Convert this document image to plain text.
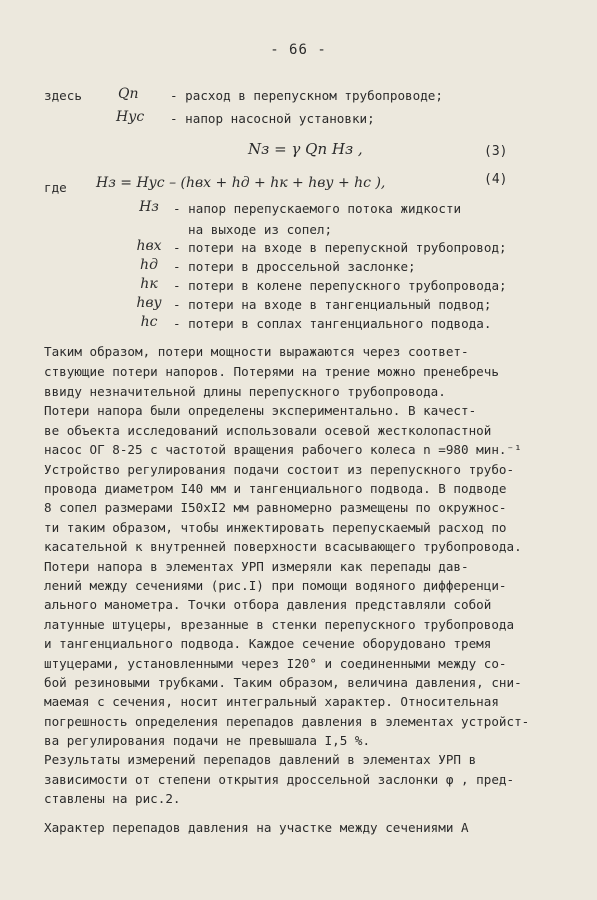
- 66 -
здесь	Qп	- расход в перепускном трубопроводе;
Нус - напор насосной установки;
Nз = γ Qп Hз ,	(3)
где Hз = Hус – (hвх + hд + hк + hву + hс ),	(4)
Hз	- напор перепускаемого потока жидкости
на выходе из сопел;
hвх - потери на входе в перепускной трубопровод;
hд	- потери в дроссельной заслонке;
hк	- потери в колене перепускного трубопровода;
hву - потери на входе в тангенциальный подвод;
hс	- потери в соплах тангенциального подвода.
Таким образом, потери мощности выражаются через соответ-
ствующие потери напоров. Потерями на трение можно пренебречь
ввиду незначительной длины перепускного трубопровода.
Потери напора были определены экспериментально. В качест-
ве объекта исследований использовали осевой жестколопастной
насос ОГ 8-25 с частотой вращения рабочего колеса n =980 мин.⁻¹
Устройство регулирования подачи состоит из перепускного трубо-
провода диаметром I40 мм и тангенциального подвода. В подводе
8 сопел размерами I50xI2 мм равномерно размещены по окружнос-
ти таким образом, чтобы инжектировать перепускаемый расход по
касательной к внутренней поверхности всасывающего трубопровода.
Потери напора в элементах УРП измеряли как перепады дав-
лений между сечениями (рис.I) при помощи водяного дифференци-
ального манометра. Точки отбора давления представляли собой
латунные штуцеры, врезанные в стенки перепускного трубопровода
и тангенциального подвода. Каждое сечение оборудовано тремя
штуцерами, установленными через I20° и соединенными между со-
бой резиновыми трубками. Таким образом, величина давления, сни-
маемая с сечения, носит интегральный характер. Относительная
погрешность определения перепадов давления в элементах устройст-
ва регулирования подачи не превышала I,5 %.
Результаты измерений перепадов давлений в элементах УРП в
зависимости от степени открытия дроссельной заслонки φ , пред-
ставлены на рис.2.
Характер перепадов давления на участке между сечениями А
